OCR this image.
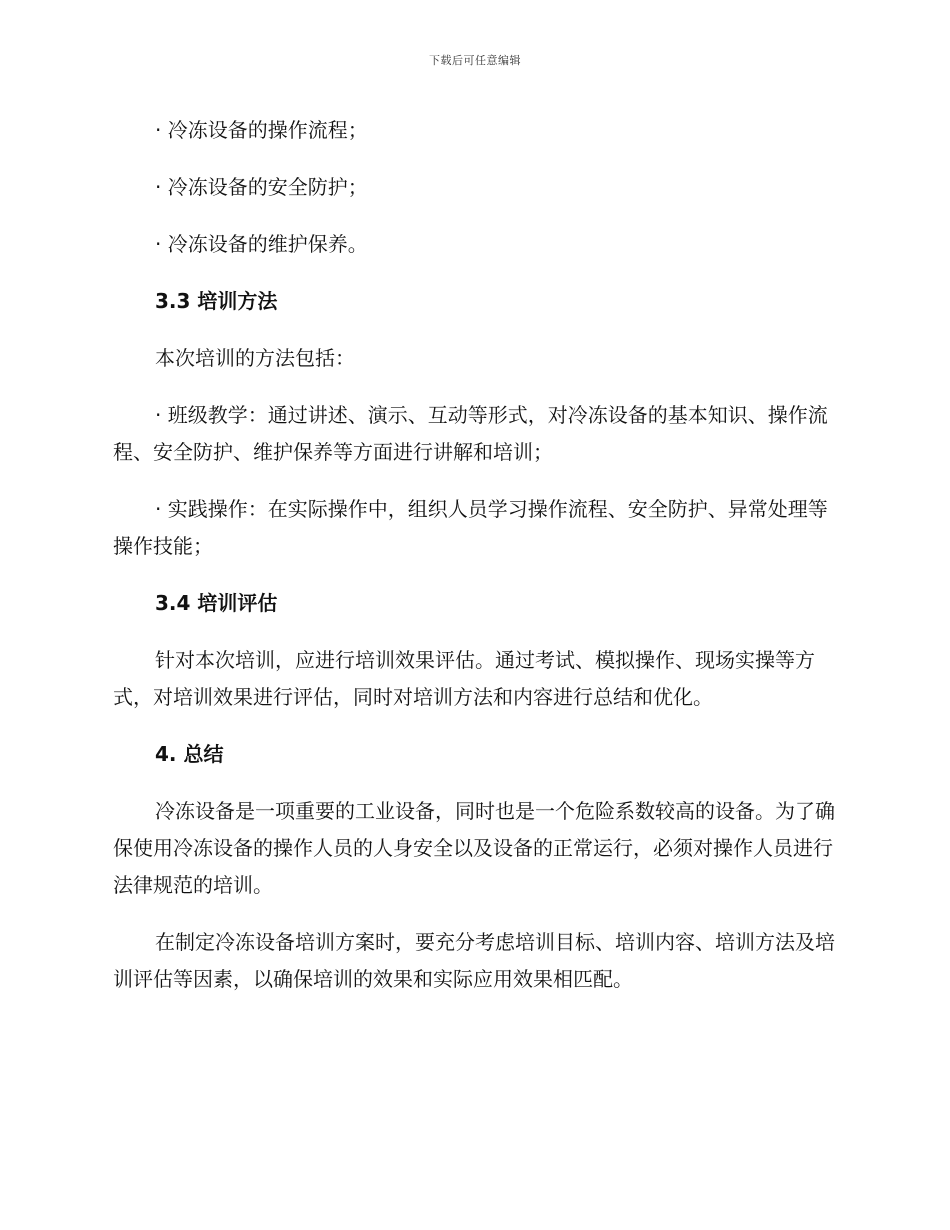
下载后可任意编辑
· 冷冻设备的操作流程；
· 冷冻设备的安全防护；
· 冷冻设备的维护保养。
3.3 培训方法
本次培训的方法包括：
· 班级教学：通过讲述、演示、互动等形式，对冷冻设备的基本知识、操作流程、安全防护、维护保养等方面进行讲解和培训；
· 实践操作：在实际操作中，组织人员学习操作流程、安全防护、异常处理等操作技能；
3.4 培训评估
针对本次培训，应进行培训效果评估。通过考试、模拟操作、现场实操等方式，对培训效果进行评估，同时对培训方法和内容进行总结和优化。
4. 总结
冷冻设备是一项重要的工业设备，同时也是一个危险系数较高的设备。为了确保使用冷冻设备的操作人员的人身安全以及设备的正常运行，必须对操作人员进行法律规范的培训。
在制定冷冻设备培训方案时，要充分考虑培训目标、培训内容、培训方法及培训评估等因素，以确保培训的效果和实际应用效果相匹配。
